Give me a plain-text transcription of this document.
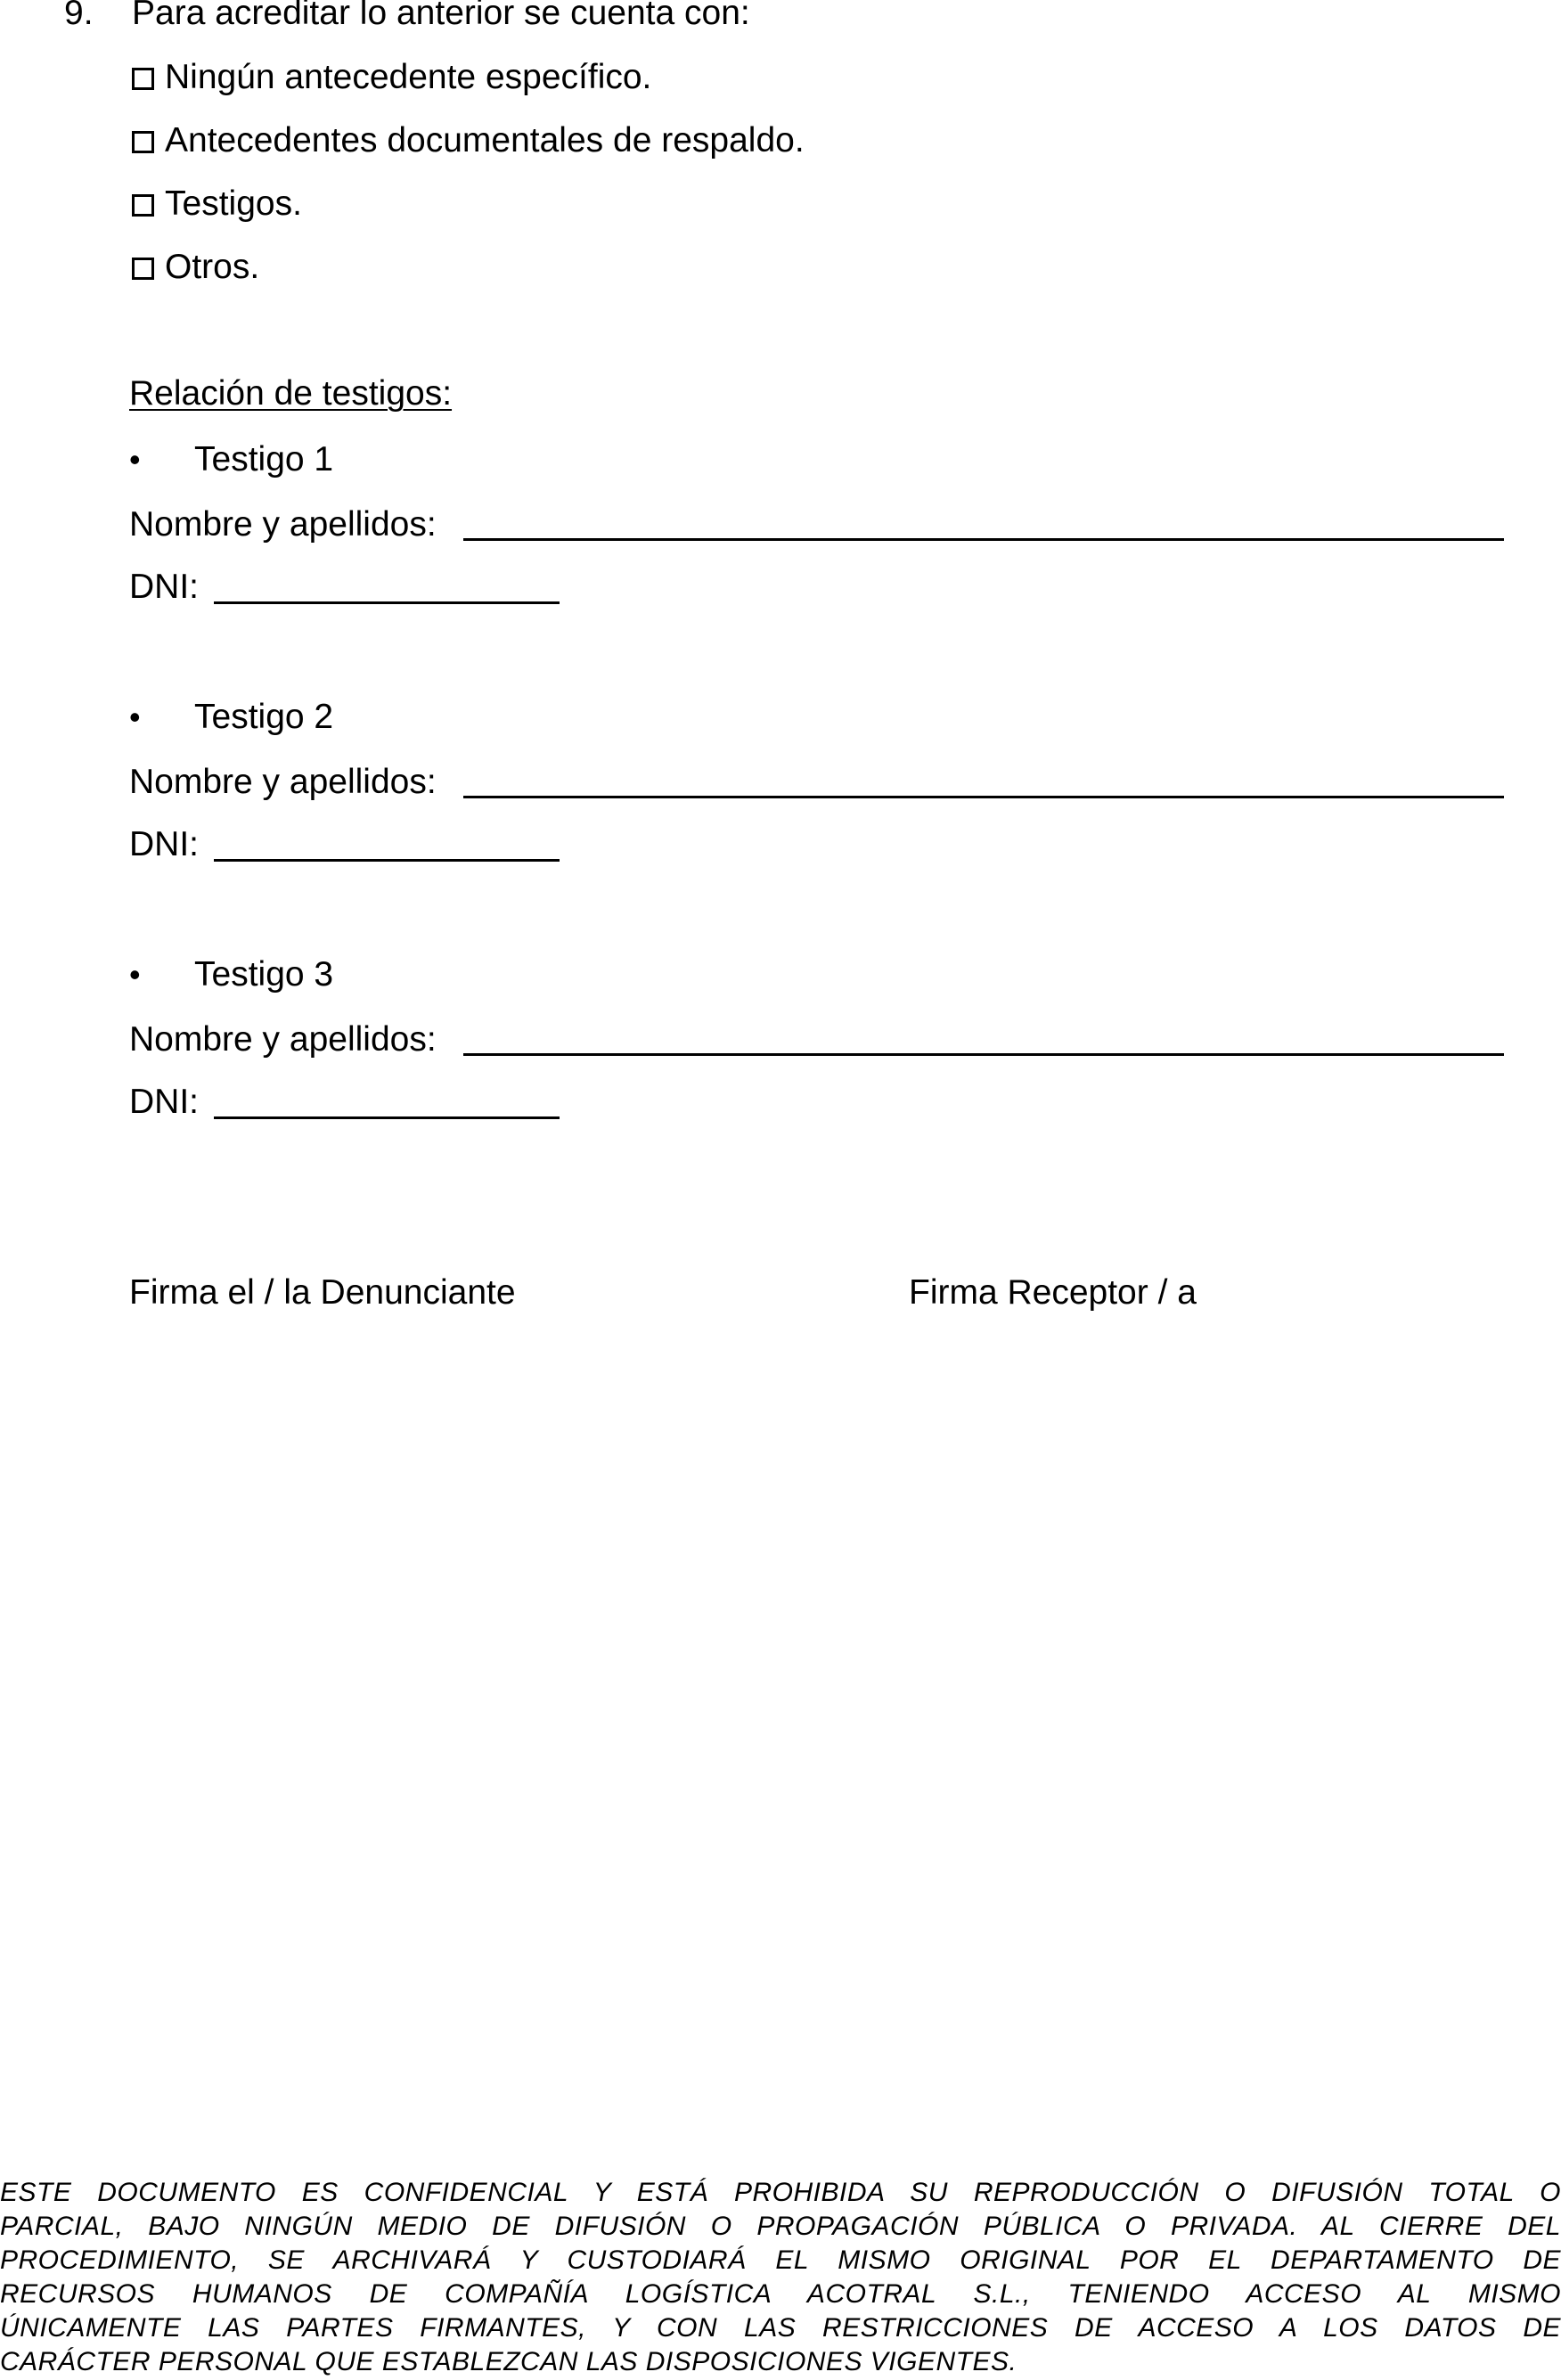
9. Para acreditar lo anterior se cuenta con:
Ningún antecedente específico.
Antecedentes documentales de respaldo.
Testigos.
Otros.
Relación de testigos:
• Testigo 1
Nombre y apellidos:
DNI:
• Testigo 2
Nombre y apellidos:
DNI:
• Testigo 3
Nombre y apellidos:
DNI:
Firma el / la Denunciante	Firma Receptor / a
ESTE DOCUMENTO ES CONFIDENCIAL Y ESTÁ PROHIBIDA SU REPRODUCCIÓN O DIFUSIÓN TOTAL O
PARCIAL, BAJO NINGÚN MEDIO DE DIFUSIÓN O PROPAGACIÓN PÚBLICA O PRIVADA. AL CIERRE DEL
PROCEDIMIENTO, SE ARCHIVARÁ Y CUSTODIARÁ EL MISMO ORIGINAL POR EL DEPARTAMENTO DE
RECURSOS HUMANOS DE COMPAÑÍA LOGÍSTICA ACOTRAL S.L., TENIENDO ACCESO AL MISMO
ÚNICAMENTE LAS PARTES FIRMANTES, Y CON LAS RESTRICCIONES DE ACCESO A LOS DATOS DE
CARÁCTER PERSONAL QUE ESTABLEZCAN LAS DISPOSICIONES VIGENTES.
